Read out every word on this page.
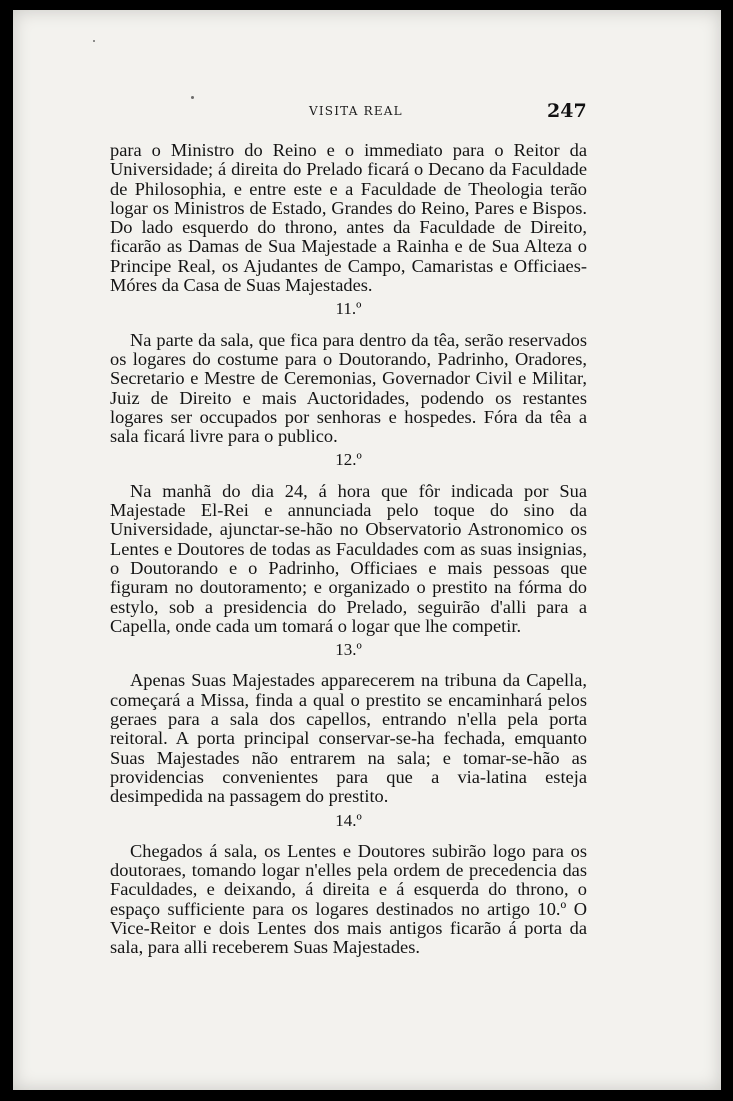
VISITA REAL	247

para o Ministro do Reino e o immediato para o Reitor da Universidade; á direita do Prelado ficará o Decano da Faculdade de Philosophia, e entre este e a Faculdade de Theologia terão logar os Ministros de Estado, Grandes do Reino, Pares e Bispos. Do lado esquerdo do throno, antes da Faculdade de Direito, ficarão as Damas de Sua Majestade a Rainha e de Sua Alteza o Principe Real, os Ajudantes de Campo, Camaristas e Officiaes-Móres da Casa de Suas Majestades.

11.º

Na parte da sala, que fica para dentro da têa, serão reservados os logares do costume para o Doutorando, Padrinho, Oradores, Secretario e Mestre de Ceremonias, Governador Civil e Militar, Juiz de Direito e mais Auctoridades, podendo os restantes logares ser occupados por senhoras e hospedes. Fóra da têa a sala ficará livre para o publico.

12.º

Na manhã do dia 24, á hora que fôr indicada por Sua Majestade El-Rei e annunciada pelo toque do sino da Universidade, ajunctar-se-hão no Observatorio Astronomico os Lentes e Doutores de todas as Faculdades com as suas insignias, o Doutorando e o Padrinho, Officiaes e mais pessoas que figuram no doutoramento; e organizado o prestito na fórma do estylo, sob a presidencia do Prelado, seguirão d'alli para a Capella, onde cada um tomará o logar que lhe competir.

13.º

Apenas Suas Majestades apparecerem na tribuna da Capella, começará a Missa, finda a qual o prestito se encaminhará pelos geraes para a sala dos capellos, entrando n'ella pela porta reitoral. A porta principal conservar-se-ha fechada, emquanto Suas Majestades não entrarem na sala; e tomar-se-hão as providencias convenientes para que a via-latina esteja desimpedida na passagem do prestito.

14.º

Chegados á sala, os Lentes e Doutores subirão logo para os doutoraes, tomando logar n'elles pela ordem de precedencia das Faculdades, e deixando, á direita e á esquerda do throno, o espaço sufficiente para os logares destinados no artigo 10.º O Vice-Reitor e dois Lentes dos mais antigos ficarão á porta da sala, para alli receberem Suas Majestades.
